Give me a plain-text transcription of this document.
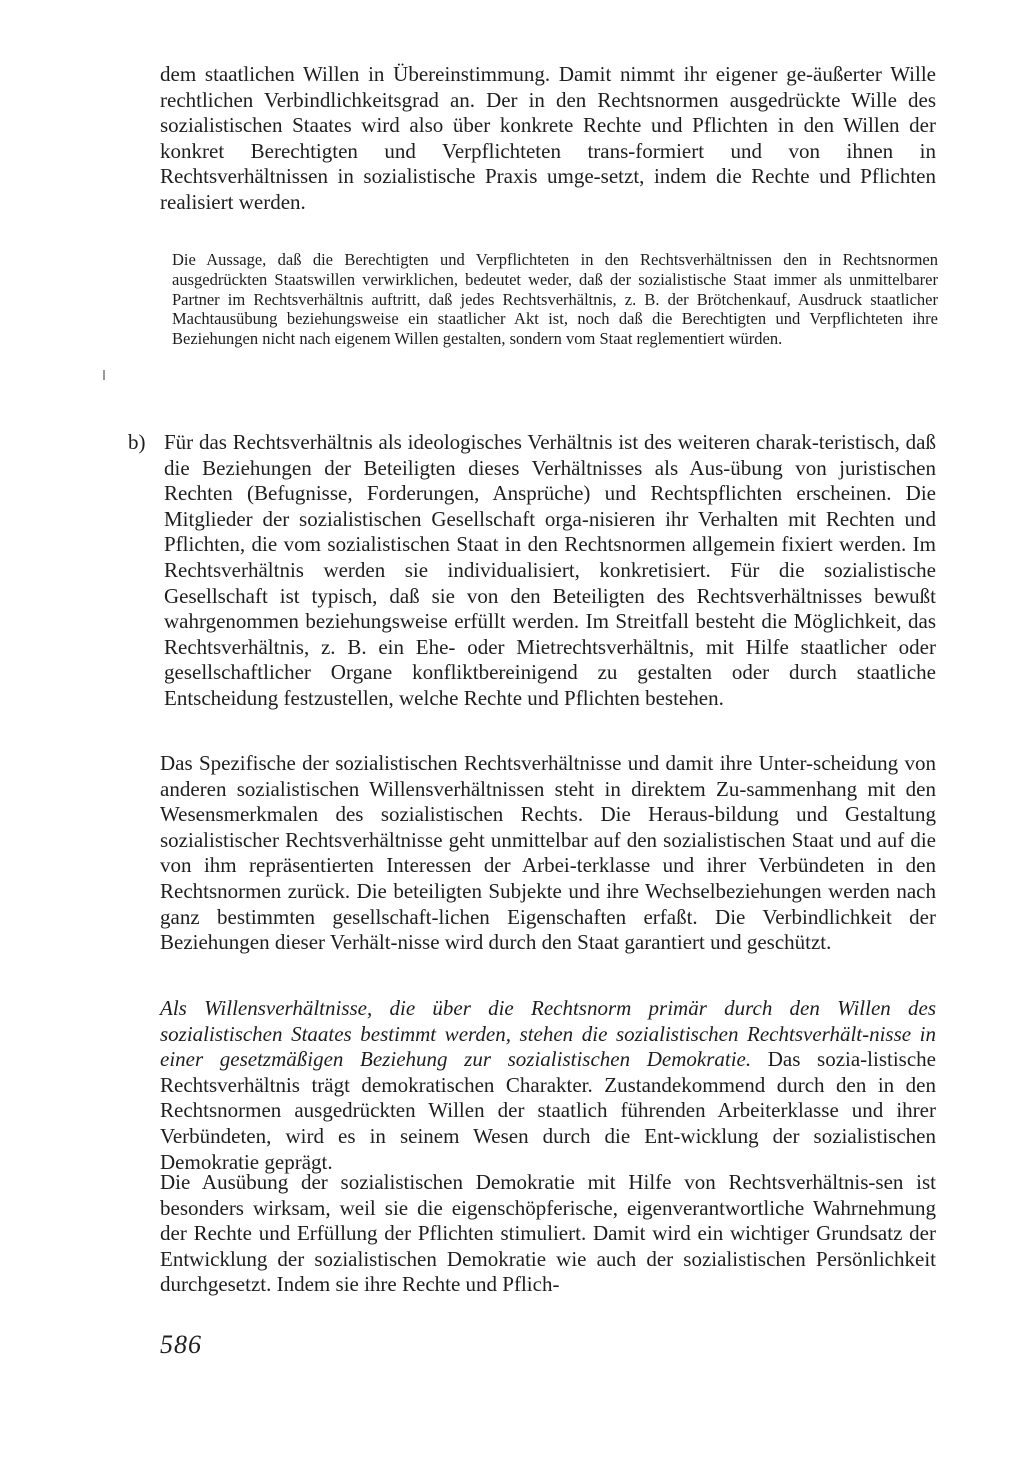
dem staatlichen Willen in Übereinstimmung. Damit nimmt ihr eigener ge-äußerter Wille rechtlichen Verbindlichkeitsgrad an. Der in den Rechtsnormen ausgedrückte Wille des sozialistischen Staates wird also über konkrete Rechte und Pflichten in den Willen der konkret Berechtigten und Verpflichteten trans-formiert und von ihnen in Rechtsverhältnissen in sozialistische Praxis umge-setzt, indem die Rechte und Pflichten realisiert werden.
Die Aussage, daß die Berechtigten und Verpflichteten in den Rechtsverhältnissen den in Rechtsnormen ausgedrückten Staatswillen verwirklichen, bedeutet weder, daß der sozialistische Staat immer als unmittelbarer Partner im Rechtsverhältnis auftritt, daß jedes Rechtsverhältnis, z. B. der Brötchenkauf, Ausdruck staatlicher Machtausübung beziehungsweise ein staatlicher Akt ist, noch daß die Berechtigten und Verpflichteten ihre Beziehungen nicht nach eigenem Willen gestalten, sondern vom Staat reglementiert würden.
b) Für das Rechtsverhältnis als ideologisches Verhältnis ist des weiteren charak-teristisch, daß die Beziehungen der Beteiligten dieses Verhältnisses als Aus-übung von juristischen Rechten (Befugnisse, Forderungen, Ansprüche) und Rechtspflichten erscheinen. Die Mitglieder der sozialistischen Gesellschaft orga-nisieren ihr Verhalten mit Rechten und Pflichten, die vom sozialistischen Staat in den Rechtsnormen allgemein fixiert werden. Im Rechtsverhältnis werden sie individualisiert, konkretisiert. Für die sozialistische Gesellschaft ist typisch, daß sie von den Beteiligten des Rechtsverhältnisses bewußt wahrgenommen beziehungsweise erfüllt werden. Im Streitfall besteht die Möglichkeit, das Rechtsverhältnis, z. B. ein Ehe- oder Mietrechtsverhältnis, mit Hilfe staatlicher oder gesellschaftlicher Organe konfliktbereinigend zu gestalten oder durch staatliche Entscheidung festzustellen, welche Rechte und Pflichten bestehen.
Das Spezifische der sozialistischen Rechtsverhältnisse und damit ihre Unter-scheidung von anderen sozialistischen Willensverhältnissen steht in direktem Zu-sammenhang mit den Wesensmerkmalen des sozialistischen Rechts. Die Heraus-bildung und Gestaltung sozialistischer Rechtsverhältnisse geht unmittelbar auf den sozialistischen Staat und auf die von ihm repräsentierten Interessen der Arbei-terklasse und ihrer Verbündeten in den Rechtsnormen zurück. Die beteiligten Subjekte und ihre Wechselbeziehungen werden nach ganz bestimmten gesellschaft-lichen Eigenschaften erfaßt. Die Verbindlichkeit der Beziehungen dieser Verhält-nisse wird durch den Staat garantiert und geschützt.
Als Willensverhältnisse, die über die Rechtsnorm primär durch den Willen des sozialistischen Staates bestimmt werden, stehen die sozialistischen Rechtsverhält-nisse in einer gesetzmäßigen Beziehung zur sozialistischen Demokratie. Das sozia-listische Rechtsverhältnis trägt demokratischen Charakter. Zustandekommend durch den in den Rechtsnormen ausgedrückten Willen der staatlich führenden Arbeiterklasse und ihrer Verbündeten, wird es in seinem Wesen durch die Ent-wicklung der sozialistischen Demokratie geprägt.
Die Ausübung der sozialistischen Demokratie mit Hilfe von Rechtsverhältnis-sen ist besonders wirksam, weil sie die eigenschöpferische, eigenverantwortliche Wahrnehmung der Rechte und Erfüllung der Pflichten stimuliert. Damit wird ein wichtiger Grundsatz der Entwicklung der sozialistischen Demokratie wie auch der sozialistischen Persönlichkeit durchgesetzt. Indem sie ihre Rechte und Pflich-
586
